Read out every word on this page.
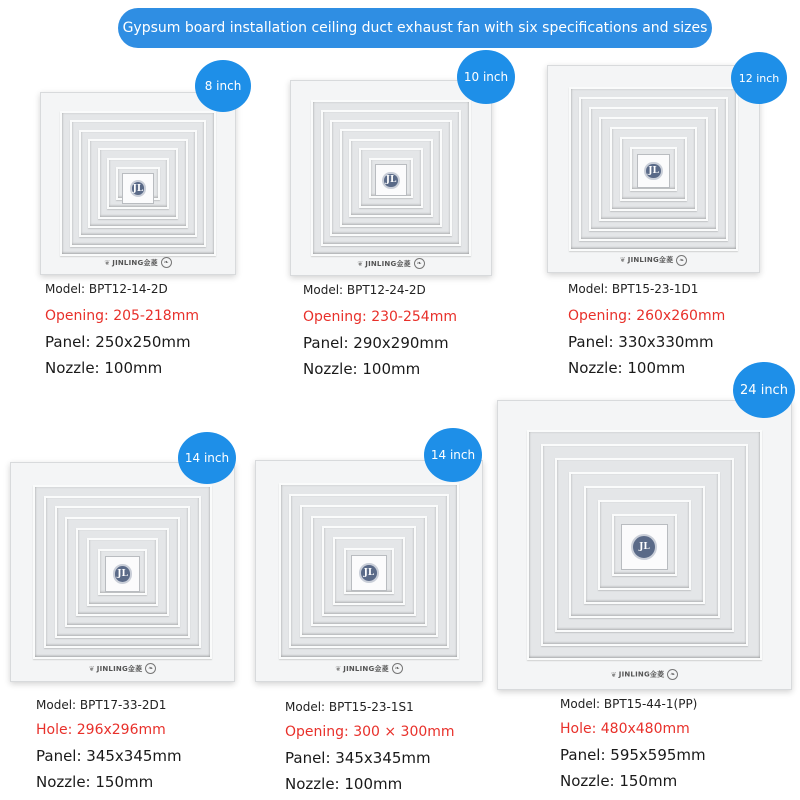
Gypsum board installation ceiling duct exhaust fan with six specifications and sizes
JL
❦ JINLING金菱 ❧
8 inch
Model: BPT12-14-2D
Opening: 205-218mm
Panel: 250x250mm
Nozzle: 100mm
JL
❦ JINLING金菱 ❧
10 inch
Model: BPT12-24-2D
Opening: 230-254mm
Panel: 290x290mm
Nozzle: 100mm
JL
❦ JINLING金菱 ❧
12 inch
Model: BPT15-23-1D1
Opening: 260x260mm
Panel: 330x330mm
Nozzle: 100mm
JL
❦ JINLING金菱 ❧
14 inch
Model: BPT17-33-2D1
Hole: 296x296mm
Panel: 345x345mm
Nozzle: 150mm
JL
❦ JINLING金菱 ❧
14 inch
Model: BPT15-23-1S1
Opening: 300 × 300mm
Panel: 345x345mm
Nozzle: 100mm
JL
❦ JINLING金菱 ❧
24 inch
Model: BPT15-44-1(PP)
Hole: 480x480mm
Panel: 595x595mm
Nozzle: 150mm
